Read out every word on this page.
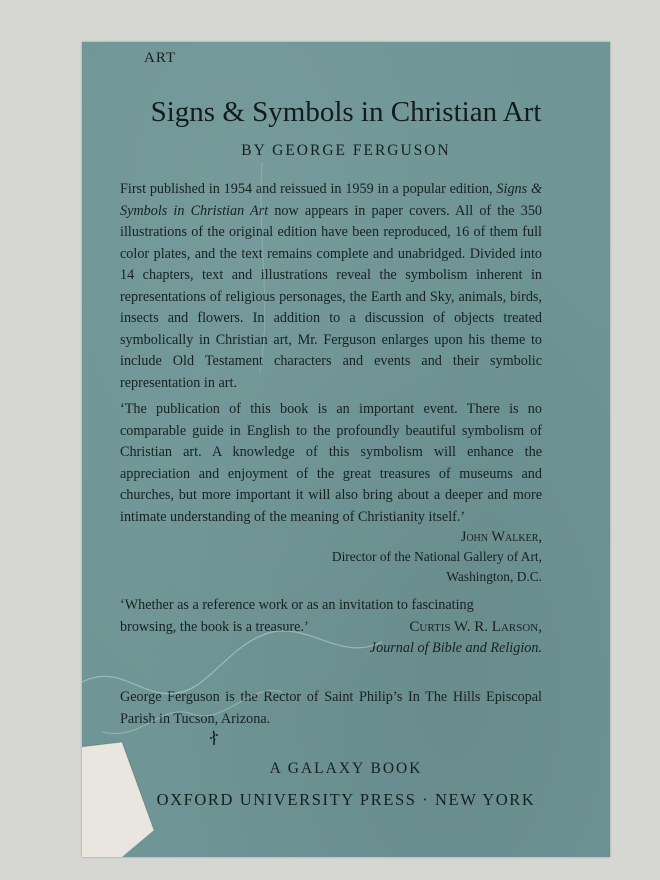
ART
Signs & Symbols in Christian Art
BY GEORGE FERGUSON
First published in 1954 and reissued in 1959 in a popular edition, Signs & Symbols in Christian Art now appears in paper covers. All of the 350 illustrations of the original edition have been reproduced, 16 of them full color plates, and the text remains complete and unabridged. Divided into 14 chapters, text and illustrations reveal the symbolism inherent in representations of religious personages, the Earth and Sky, animals, birds, insects and flowers. In addition to a discussion of objects treated symbolically in Christian art, Mr. Ferguson enlarges upon his theme to include Old Testament characters and events and their symbolic representation in art.
‘The publication of this book is an important event. There is no comparable guide in English to the profoundly beautiful symbolism of Christian art. A knowledge of this symbolism will enhance the appreciation and enjoyment of the great treasures of museums and churches, but more important it will also bring about a deeper and more intimate understanding of the meaning of Christianity itself.’
John Walker,
Director of the National Gallery of Art,
Washington, D.C.
‘Whether as a reference work or as an invitation to fascinating
browsing, the book is a treasure.’	Curtis W. R. Larson,
Journal of Bible and Religion.
George Ferguson is the Rector of Saint Philip’s In The Hills Episcopal Parish in Tucson, Arizona.
A GALAXY BOOK
OXFORD UNIVERSITY PRESS · NEW YORK
